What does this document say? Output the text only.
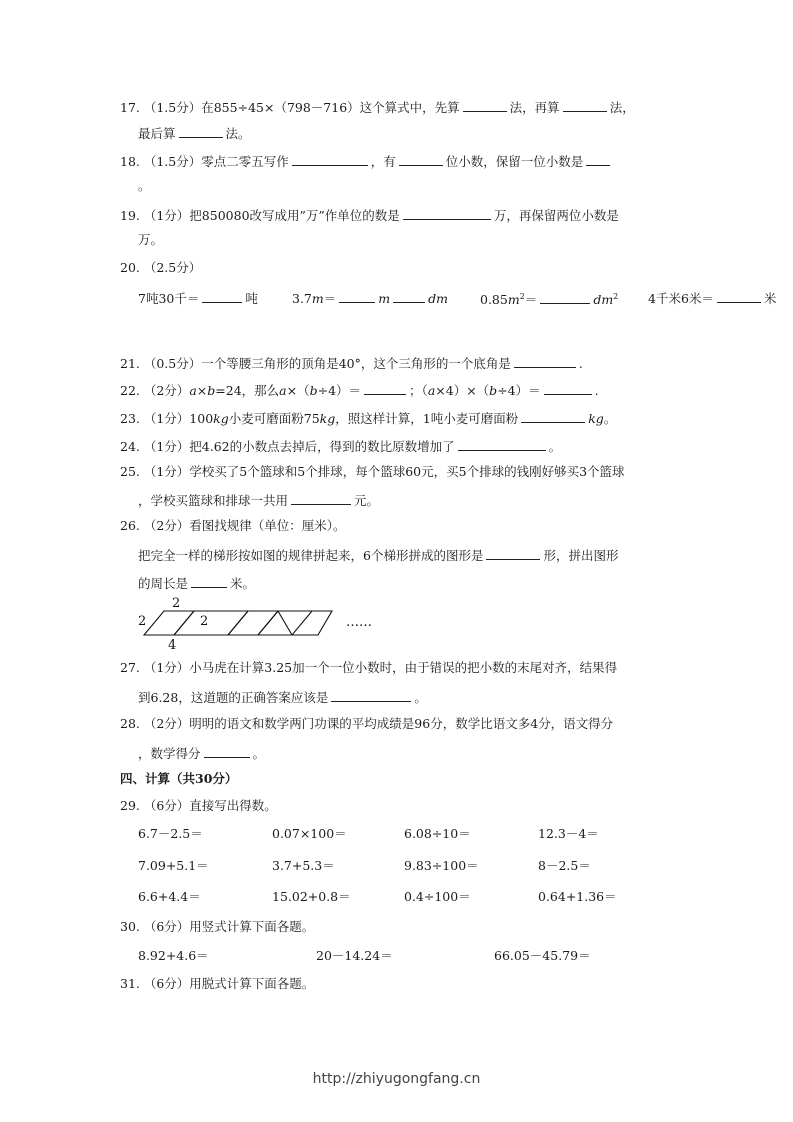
17. （1.5分）在855÷45×（798－716）这个算式中，先算	法，再算	法，
最后算	法。
18. （1.5分）零点二零五写作	，有	位小数，保留一位小数是
。
19. （1分）把850080改写成用”万”作单位的数是	万，再保留两位小数是
万。
20. （2.5分）
7吨30千＝	吨	3.7m＝	m	dm	$0.85m^2=$	$dm^2$ 4千米6米＝	米
21. （0.5分）一个等腰三角形的顶角是40°，这个三角形的一个底角是	.
22. （2分）a×b=24，那么a×（b÷4）＝	；（a×4）×（b÷4）＝	.
23. （1分）100kg小麦可磨面粉75kg，照这样计算，1吨小麦可磨面粉	kg。
24. （1分）把4.62的小数点去掉后，得到的数比原数增加了	。
25. （1分）学校买了5个篮球和5个排球，每个篮球60元，买5个排球的钱刚好够买3个篮球
，学校买篮球和排球一共用	元。
26. （2分）看图找规律（单位：厘米）。
把完全一样的梯形按如图的规律拼起来，6个梯形拼成的图形是	形，拼出图形
的周长是	米。
2
2	2
4
……
27. （1分）小马虎在计算3.25加一个一位小数时，由于错误的把小数的末尾对齐，结果得
到6.28，这道题的正确答案应该是	。
28. （2分）明明的语文和数学两门功课的平均成绩是96分，数学比语文多4分，语文得分
，数学得分	。
四、计算（共30分）
29. （6分）直接写出得数。
6.7－2.5＝	0.07×100＝	6.08÷10＝	12.3－4＝
7.09+5.1＝	3.7+5.3＝	9.83÷100＝	8－2.5＝
6.6+4.4＝	15.02+0.8＝	0.4÷100＝	0.64+1.36＝
30. （6分）用竖式计算下面各题。
8.92+4.6＝	20－14.24＝	66.05－45.79＝
31. （6分）用脱式计算下面各题。
http://zhiyugongfang.cn
